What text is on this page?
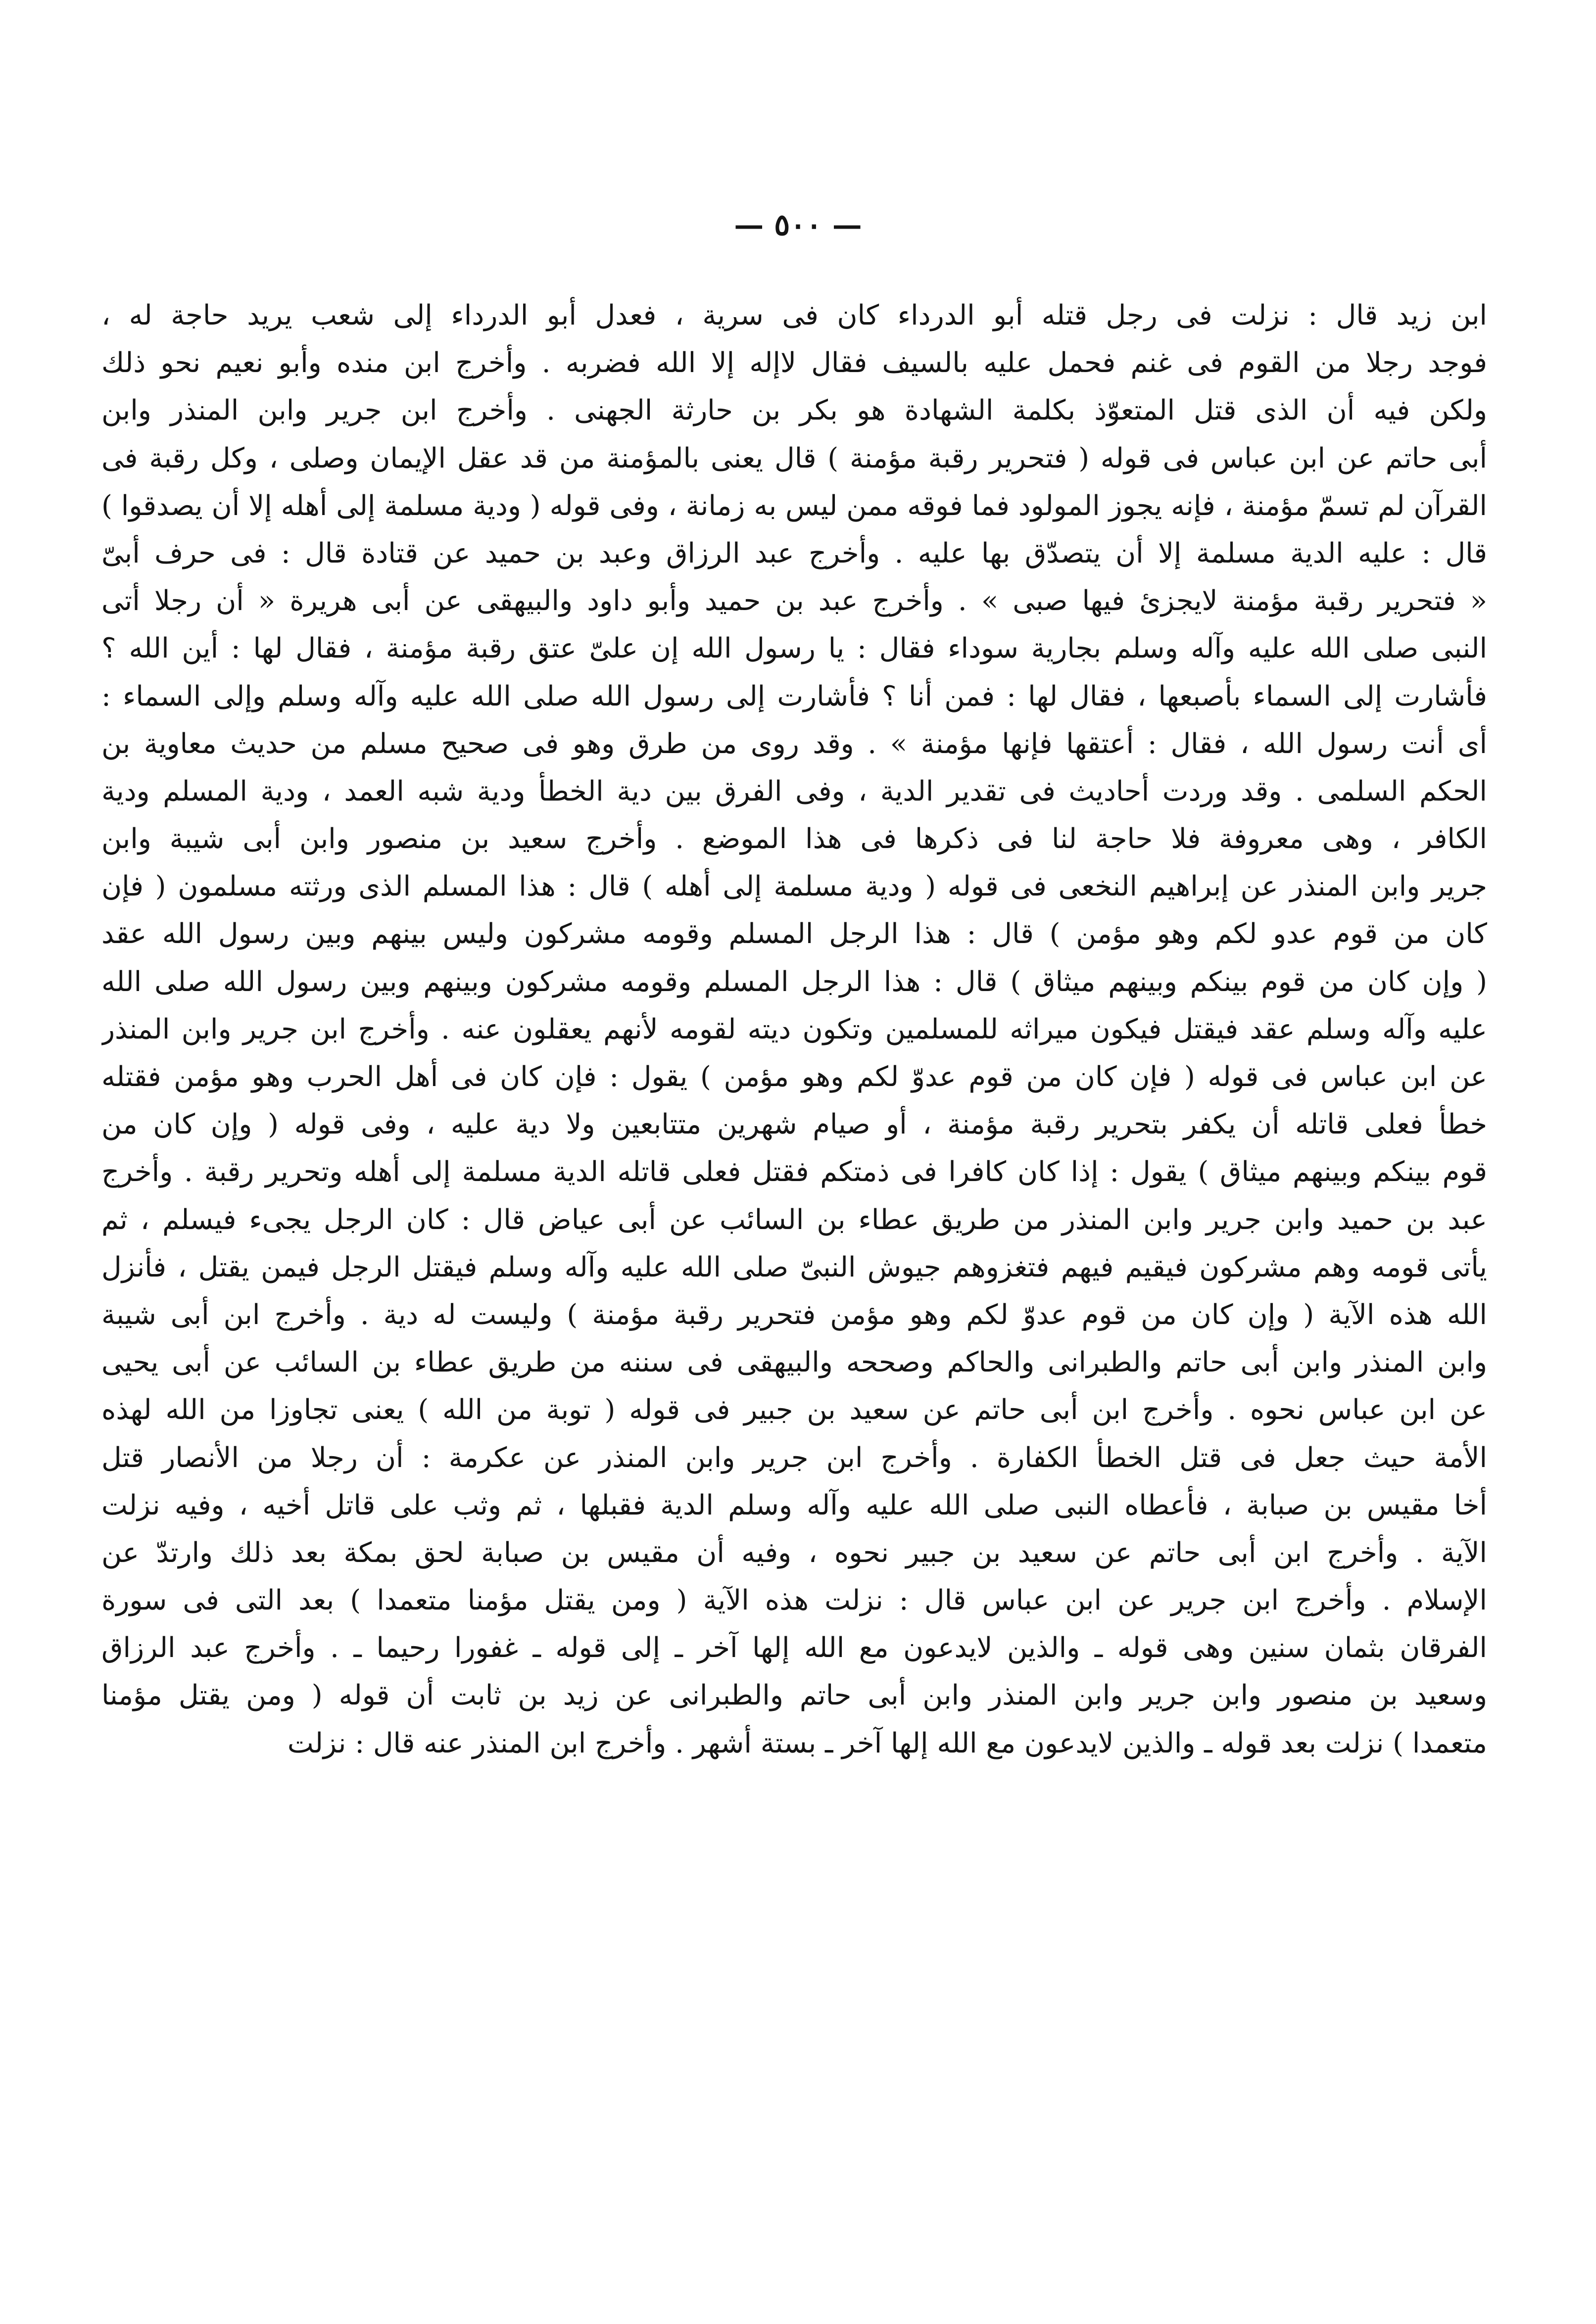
— ٥٠٠ —
ابن زيد قال : نزلت فى رجل قتله أبو الدرداء كان فى سرية ، فعدل أبو الدرداء إلى شعب يريد حاجة له ،
فوجد رجلا من القوم فى غنم فحمل عليه بالسيف فقال لاإله إلا الله فضربه . وأخرج ابن منده وأبو نعيم نحو ذلك
ولكن فيه أن الذى قتل المتعوّذ بكلمة الشهادة هو بكر بن حارثة الجهنى . وأخرج ابن جرير وابن المنذر وابن
أبى حاتم عن ابن عباس فى قوله ( فتحرير رقبة مؤمنة ) قال يعنى بالمؤمنة من قد عقل الإيمان وصلى ، وكل رقبة فى
القرآن لم تسمّ مؤمنة ، فإنه يجوز المولود فما فوقه ممن ليس به زمانة ، وفى قوله ( ودية مسلمة إلى أهله إلا أن يصدقوا )
قال : عليه الدية مسلمة إلا أن يتصدّق بها عليه . وأخرج عبد الرزاق وعبد بن حميد عن قتادة قال : فى حرف أبىّ
« فتحرير رقبة مؤمنة لايجزئ فيها صبى » . وأخرج عبد بن حميد وأبو داود والبيهقى عن أبى هريرة « أن رجلا أتى
النبى صلى الله عليه وآله وسلم بجارية سوداء فقال : يا رسول الله إن علىّ عتق رقبة مؤمنة ، فقال لها : أين الله ؟
فأشارت إلى السماء بأصبعها ، فقال لها : فمن أنا ؟ فأشارت إلى رسول الله صلى الله عليه وآله وسلم وإلى السماء :
أى أنت رسول الله ، فقال : أعتقها فإنها مؤمنة » . وقد روى من طرق وهو فى صحيح مسلم من حديث معاوية بن
الحكم السلمى . وقد وردت أحاديث فى تقدير الدية ، وفى الفرق بين دية الخطأ ودية شبه العمد ، ودية المسلم ودية
الكافر ، وهى معروفة فلا حاجة لنا فى ذكرها فى هذا الموضع . وأخرج سعيد بن منصور وابن أبى شيبة وابن
جرير وابن المنذر عن إبراهيم النخعى فى قوله ( ودية مسلمة إلى أهله ) قال : هذا المسلم الذى ورثته مسلمون ( فإن
كان من قوم عدو لكم وهو مؤمن ) قال : هذا الرجل المسلم وقومه مشركون وليس بينهم وبين رسول الله عقد
( وإن كان من قوم بينكم وبينهم ميثاق ) قال : هذا الرجل المسلم وقومه مشركون وبينهم وبين رسول الله صلى الله
عليه وآله وسلم عقد فيقتل فيكون ميراثه للمسلمين وتكون ديته لقومه لأنهم يعقلون عنه . وأخرج ابن جرير وابن المنذر
عن ابن عباس فى قوله ( فإن كان من قوم عدوّ لكم وهو مؤمن ) يقول : فإن كان فى أهل الحرب وهو مؤمن فقتله
خطأ فعلى قاتله أن يكفر بتحرير رقبة مؤمنة ، أو صيام شهرين متتابعين ولا دية عليه ، وفى قوله ( وإن كان من
قوم بينكم وبينهم ميثاق ) يقول : إذا كان كافرا فى ذمتكم فقتل فعلى قاتله الدية مسلمة إلى أهله وتحرير رقبة . وأخرج
عبد بن حميد وابن جرير وابن المنذر من طريق عطاء بن السائب عن أبى عياض قال : كان الرجل يجىء فيسلم ، ثم
يأتى قومه وهم مشركون فيقيم فيهم فتغزوهم جيوش النبىّ صلى الله عليه وآله وسلم فيقتل الرجل فيمن يقتل ، فأنزل
الله هذه الآية ( وإن كان من قوم عدوّ لكم وهو مؤمن فتحرير رقبة مؤمنة ) وليست له دية . وأخرج ابن أبى شيبة
وابن المنذر وابن أبى حاتم والطبرانى والحاكم وصححه والبيهقى فى سننه من طريق عطاء بن السائب عن أبى يحيى
عن ابن عباس نحوه . وأخرج ابن أبى حاتم عن سعيد بن جبير فى قوله ( توبة من الله ) يعنى تجاوزا من الله لهذه
الأمة حيث جعل فى قتل الخطأ الكفارة . وأخرج ابن جرير وابن المنذر عن عكرمة : أن رجلا من الأنصار قتل
أخا مقيس بن صبابة ، فأعطاه النبى صلى الله عليه وآله وسلم الدية فقبلها ، ثم وثب على قاتل أخيه ، وفيه نزلت
الآية . وأخرج ابن أبى حاتم عن سعيد بن جبير نحوه ، وفيه أن مقيس بن صبابة لحق بمكة بعد ذلك وارتدّ عن
الإسلام . وأخرج ابن جرير عن ابن عباس قال : نزلت هذه الآية ( ومن يقتل مؤمنا متعمدا ) بعد التى فى سورة
الفرقان بثمان سنين وهى قوله ـ والذين لايدعون مع الله إلها آخر ـ إلى قوله ـ غفورا رحيما ـ . وأخرج عبد الرزاق
وسعيد بن منصور وابن جرير وابن المنذر وابن أبى حاتم والطبرانى عن زيد بن ثابت أن قوله ( ومن يقتل مؤمنا
متعمدا ) نزلت بعد قوله ـ والذين لايدعون مع الله إلها آخر ـ بستة أشهر . وأخرج ابن المنذر عنه قال : نزلت
